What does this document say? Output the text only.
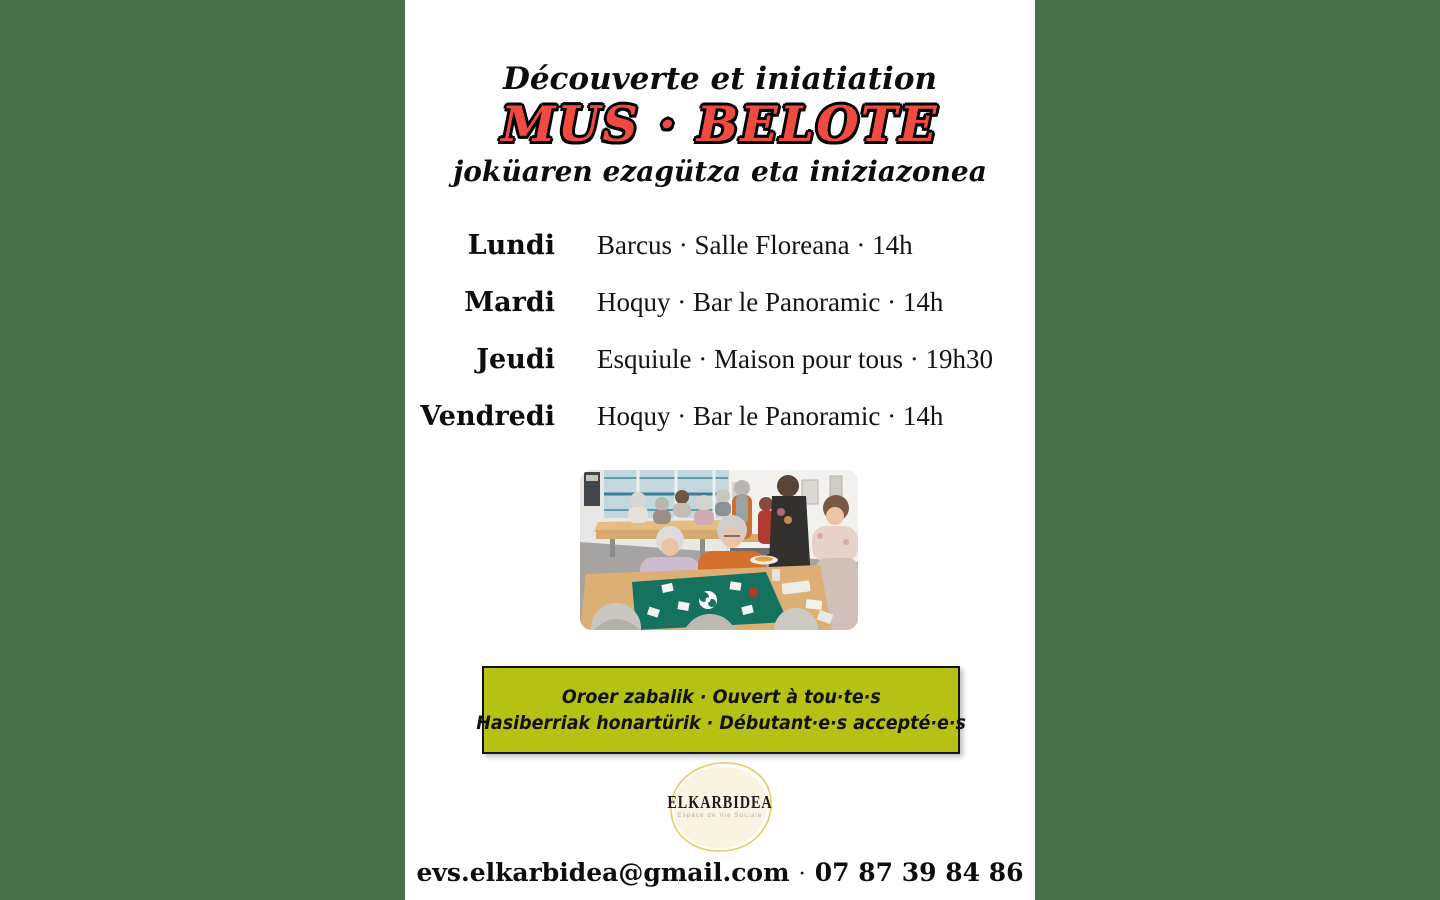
Découverte et iniatiation
MUS · BELOTE
joküaren ezagütza eta iniziazonea
Lundi Barcus · Salle Floreana · 14h
Mardi Hoquy · Bar le Panoramic · 14h
Jeudi Esquiule · Maison pour tous · 19h30
Vendredi Hoquy · Bar le Panoramic · 14h
Oroer zabalik · Ouvert à tou·te·s
Hasiberriak honartürik · Débutant·e·s accepté·e·s
ELKARBIDEA
Espace de Vie Sociale
evs.elkarbidea@gmail.com · 07 87 39 84 86
